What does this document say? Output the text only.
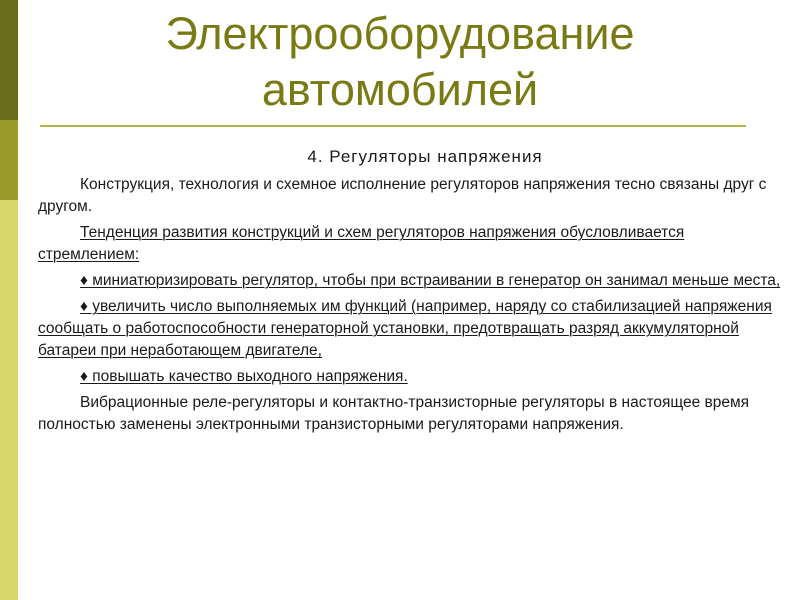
Электрооборудование
автомобилей

4. Регуляторы напряжения

Конструкция, технология и схемное исполнение регуляторов напряжения тесно связаны друг с другом.

Тенденция развития конструкций и схем регуляторов напряжения обусловливается стремлением:

♦ миниатюризировать регулятор, чтобы при встраивании в генератор он занимал меньше места,

♦ увеличить число выполняемых им функций (например, наряду со стабилизацией напряжения сообщать о работоспособности генераторной установки, предотвращать разряд аккумуляторной батареи при неработающем двигателе,

♦ повышать качество выходного напряжения.

Вибрационные реле-регуляторы и контактно-транзисторные регуляторы в настоящее время полностью заменены электронными транзисторными регуляторами напряжения.
